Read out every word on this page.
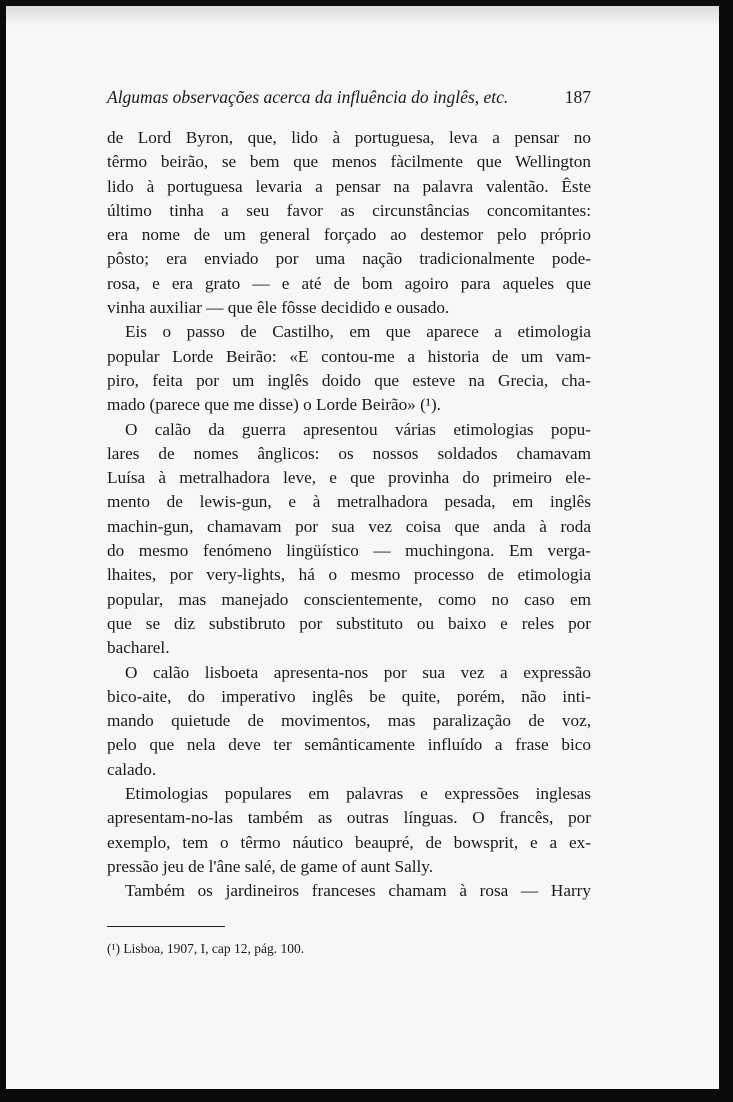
Algumas observações acerca da influência do inglês, etc.	187
de Lord Byron, que, lido à portuguesa, leva a pensar no
têrmo beirão, se bem que menos fàcilmente que Wellington
lido à portuguesa levaria a pensar na palavra valentão. Êste
último tinha a seu favor as circunstâncias concomitantes:
era nome de um general forçado ao destemor pelo próprio
pôsto; era enviado por uma nação tradicionalmente pode-
rosa, e era grato — e até de bom agoiro para aqueles que
vinha auxiliar — que êle fôsse decidido e ousado.
Eis o passo de Castilho, em que aparece a etimologia
popular Lorde Beirão: «E contou-me a historia de um vam-
piro, feita por um inglês doido que esteve na Grecia, cha-
mado (parece que me disse) o Lorde Beirão» (¹).
O calão da guerra apresentou várias etimologias popu-
lares de nomes ânglicos: os nossos soldados chamavam
Luísa à metralhadora leve, e que provinha do primeiro ele-
mento de lewis-gun, e à metralhadora pesada, em inglês
machin-gun, chamavam por sua vez coisa que anda à roda
do mesmo fenómeno lingüístico — muchingona. Em verga-
lhaites, por very-lights, há o mesmo processo de etimologia
popular, mas manejado conscientemente, como no caso em
que se diz substibruto por substituto ou baixo e reles por
bacharel.
O calão lisboeta apresenta-nos por sua vez a expressão
bico-aite, do imperativo inglês be quite, porém, não inti-
mando quietude de movimentos, mas paralização de voz,
pelo que nela deve ter semânticamente influído a frase bico
calado.
Etimologias populares em palavras e expressões inglesas
apresentam-no-las também as outras línguas. O francês, por
exemplo, tem o têrmo náutico beaupré, de bowsprit, e a ex-
pressão jeu de l'âne salé, de game of aunt Sally.
Também os jardineiros franceses chamam à rosa — Harry
(¹) Lisboa, 1907, I, cap 12, pág. 100.
